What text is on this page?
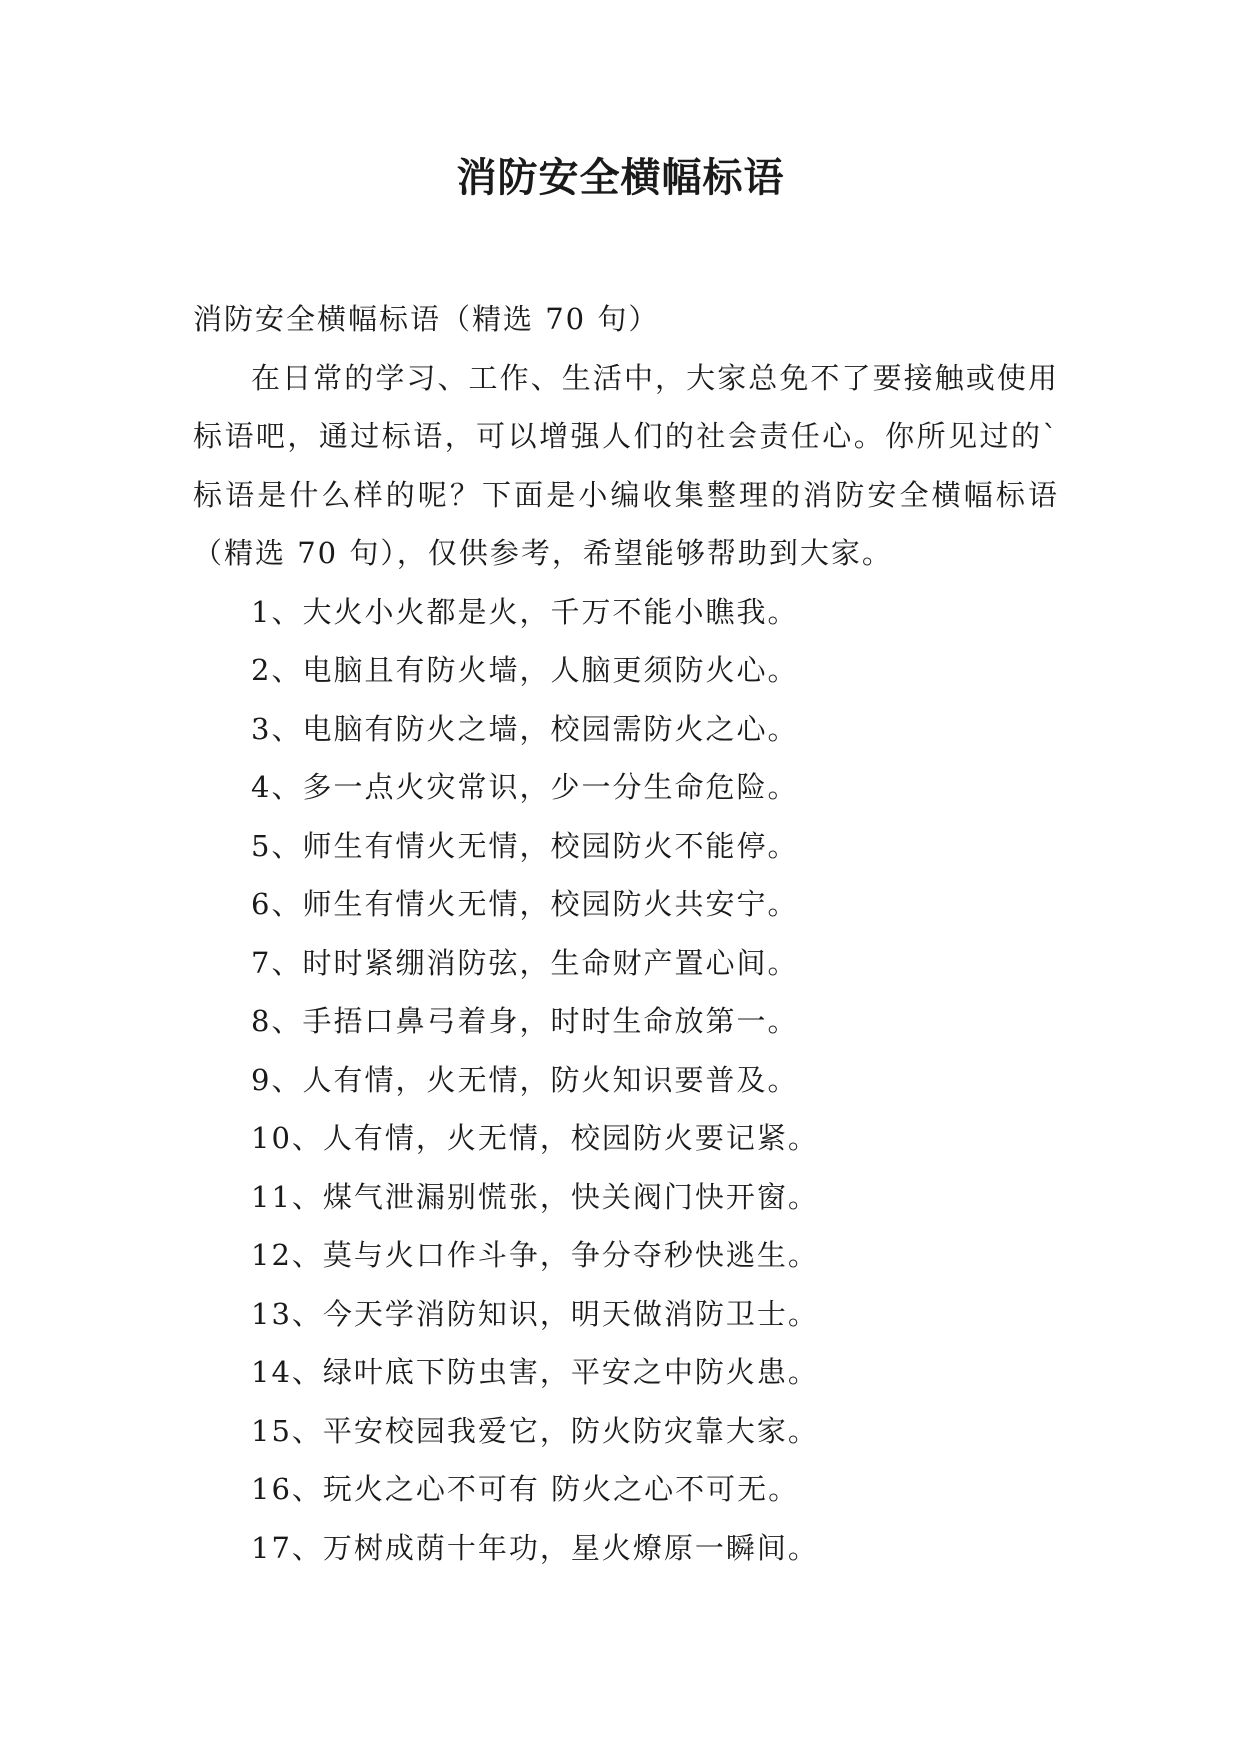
消防安全横幅标语

消防安全横幅标语（精选 70 句）

在日常的学习、工作、生活中，大家总免不了要接触或使用标语吧，通过标语，可以增强人们的社会责任心。你所见过的`标语是什么样的呢？下面是小编收集整理的消防安全横幅标语（精选 70 句），仅供参考，希望能够帮助到大家。

1、大火小火都是火，千万不能小瞧我。
2、电脑且有防火墙，人脑更须防火心。
3、电脑有防火之墙，校园需防火之心。
4、多一点火灾常识，少一分生命危险。
5、师生有情火无情，校园防火不能停。
6、师生有情火无情，校园防火共安宁。
7、时时紧绷消防弦，生命财产置心间。
8、手捂口鼻弓着身，时时生命放第一。
9、人有情，火无情，防火知识要普及。
10、人有情，火无情，校园防火要记紧。
11、煤气泄漏别慌张，快关阀门快开窗。
12、莫与火口作斗争，争分夺秒快逃生。
13、今天学消防知识，明天做消防卫士。
14、绿叶底下防虫害，平安之中防火患。
15、平安校园我爱它，防火防灾靠大家。
16、玩火之心不可有 防火之心不可无。
17、万树成荫十年功，星火燎原一瞬间。
